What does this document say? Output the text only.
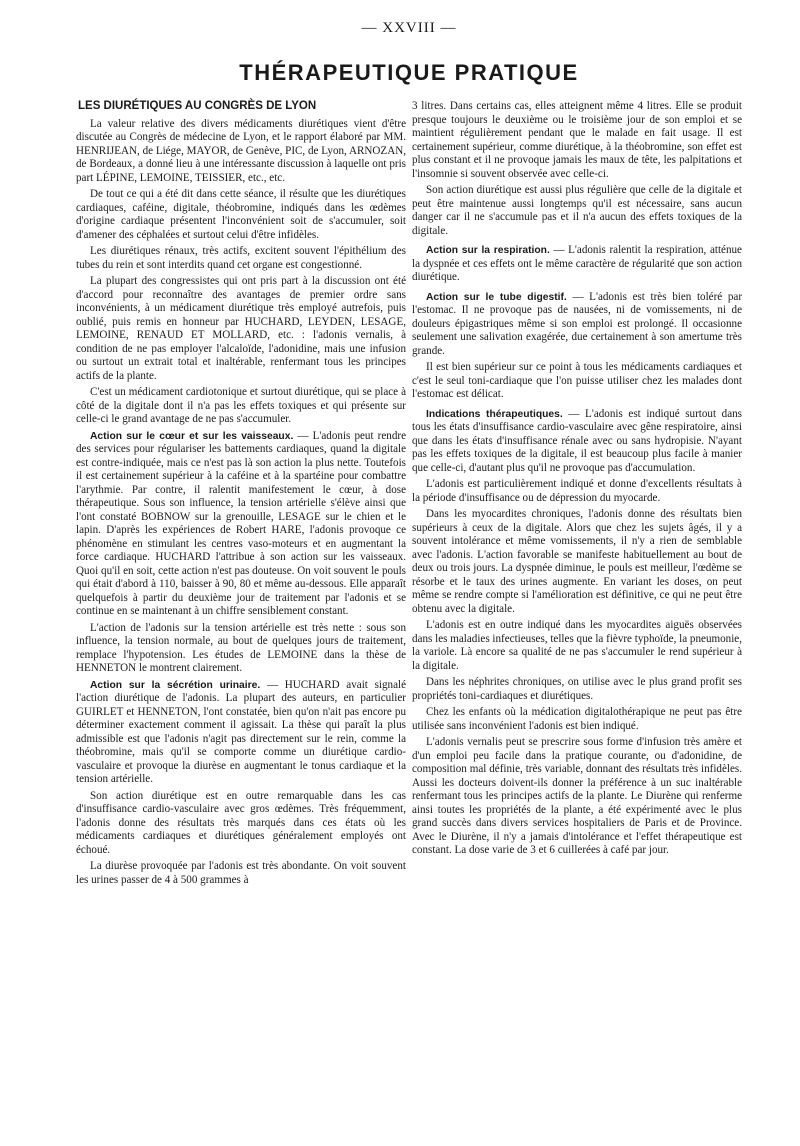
— XXVIII —
THÉRAPEUTIQUE PRATIQUE
LES DIURÉTIQUES AU CONGRÈS DE LYON

La valeur relative des divers médicaments diurétiques vient d'être discutée au Congrès de médecine de Lyon, et le rapport élaboré par MM. HENRIJEAN, de Liége, MAYOR, de Genève, PIC, de Lyon, ARNOZAN, de Bordeaux, a donné lieu à une intéressante discussion à laquelle ont pris part LÉPINE, LEMOINE, TEISSIER, etc., etc.

De tout ce qui a été dit dans cette séance, il résulte que les diurétiques cardiaques, caféine, digitale, théobromine, indiqués dans les œdèmes d'origine cardiaque présentent l'inconvénient soit de s'accumuler, soit d'amener des céphalées et surtout celui d'être infidèles.

Les diurétiques rénaux, très actifs, excitent souvent l'épithélium des tubes du rein et sont interdits quand cet organe est congestionné.

La plupart des congressistes qui ont pris part à la discussion ont été d'accord pour reconnaître des avantages de premier ordre sans inconvénients, à un médicament diurétique très employé autrefois, puis oublié, puis remis en honneur par HUCHARD, LEYDEN, LESAGE, LEMOINE, RENAUD ET MOLLARD, etc. : l'adonis vernalis, à condition de ne pas employer l'alcaloïde, l'adonidine, mais une infusion ou surtout un extrait total et inaltérable, renfermant tous les principes actifs de la plante.

C'est un médicament cardiotonique et surtout diurétique, qui se place à côté de la digitale dont il n'a pas les effets toxiques et qui présente sur celle-ci le grand avantage de ne pas s'accumuler.

Action sur le cœur et sur les vaisseaux. — L'adonis peut rendre des services pour régulariser les battements cardiaques, quand la digitale est contre-indiquée, mais ce n'est pas là son action la plus nette. Toutefois il est certainement supérieur à la caféine et à la spartéine pour combattre l'arythmie. Par contre, il ralentit manifestement le cœur, à dose thérapeutique. Sous son influence, la tension artérielle s'élève ainsi que l'ont constaté BOBNOW sur la grenouille, LESAGE sur le chien et le lapin. D'après les expériences de Robert HARE, l'adonis provoque ce phénomène en stimulant les centres vaso-moteurs et en augmentant la force cardiaque. HUCHARD l'attribue à son action sur les vaisseaux. Quoi qu'il en soit, cette action n'est pas douteuse. On voit souvent le pouls qui était d'abord à 110, baisser à 90, 80 et même au-dessous. Elle apparaît quelquefois à partir du deuxième jour de traitement par l'adonis et se continue en se maintenant à un chiffre sensiblement constant.

L'action de l'adonis sur la tension artérielle est très nette : sous son influence, la tension normale, au bout de quelques jours de traitement, remplace l'hypotension. Les études de LEMOINE dans la thèse de HENNETON le montrent clairement.

Action sur la sécrétion urinaire. — HUCHARD avait signalé l'action diurétique de l'adonis. La plupart des auteurs, en particulier GUIRLET et HENNETON, l'ont constatée, bien qu'on n'ait pas encore pu déterminer exactement comment il agissait. La thèse qui paraît la plus admissible est que l'adonis n'agit pas directement sur le rein, comme la théobromine, mais qu'il se comporte comme un diurétique cardio-vasculaire et provoque la diurèse en augmentant le tonus cardiaque et la tension artérielle.

Son action diurétique est en outre remarquable dans les cas d'insuffisance cardio-vasculaire avec gros œdèmes. Très fréquemment, l'adonis donne des résultats très marqués dans ces états où les médicaments cardiaques et diurétiques généralement employés ont échoué.

La diurèse provoquée par l'adonis est très abondante. On voit souvent les urines passer de 4 à 500 grammes à

3 litres. Dans certains cas, elles atteignent même 4 litres. Elle se produit presque toujours le deuxième ou le troisième jour de son emploi et se maintient régulièrement pendant que le malade en fait usage. Il est certainement supérieur, comme diurétique, à la théobromine, son effet est plus constant et il ne provoque jamais les maux de tête, les palpitations et l'insomnie si souvent observée avec celle-ci.

Son action diurétique est aussi plus régulière que celle de la digitale et peut être maintenue aussi longtemps qu'il est nécessaire, sans aucun danger car il ne s'accumule pas et il n'a aucun des effets toxiques de la digitale.

Action sur la respiration. — L'adonis ralentit la respiration, atténue la dyspnée et ces effets ont le même caractère de régularité que son action diurétique.

Action sur le tube digestif. — L'adonis est très bien toléré par l'estomac. Il ne provoque pas de nausées, ni de vomissements, ni de douleurs épigastriques même si son emploi est prolongé. Il occasionne seulement une salivation exagérée, due certainement à son amertume très grande.

Il est bien supérieur sur ce point à tous les médicaments cardiaques et c'est le seul toni-cardiaque que l'on puisse utiliser chez les malades dont l'estomac est délicat.

Indications thérapeutiques. — L'adonis est indiqué surtout dans tous les états d'insuffisance cardio-vasculaire avec gêne respiratoire, ainsi que dans les états d'insuffisance rénale avec ou sans hydropisie. N'ayant pas les effets toxiques de la digitale, il est beaucoup plus facile à manier que celle-ci, d'autant plus qu'il ne provoque pas d'accumulation.

L'adonis est particulièrement indiqué et donne d'excellents résultats à la période d'insuffisance ou de dépression du myocarde.

Dans les myocardites chroniques, l'adonis donne des résultats bien supérieurs à ceux de la digitale. Alors que chez les sujets âgés, il y a souvent intolérance et même vomissements, il n'y a rien de semblable avec l'adonis. L'action favorable se manifeste habituellement au bout de deux ou trois jours. La dyspnée diminue, le pouls est meilleur, l'œdème se résorbe et le taux des urines augmente. En variant les doses, on peut même se rendre compte si l'amélioration est définitive, ce qui ne peut être obtenu avec la digitale.

L'adonis est en outre indiqué dans les myocardites aiguës observées dans les maladies infectieuses, telles que la fièvre typhoïde, la pneumonie, la variole. Là encore sa qualité de ne pas s'accumuler le rend supérieur à la digitale.

Dans les néphrites chroniques, on utilise avec le plus grand profit ses propriétés toni-cardiaques et diurétiques.

Chez les enfants où la médication digitalothérapique ne peut pas être utilisée sans inconvénient l'adonis est bien indiqué.

L'adonis vernalis peut se prescrire sous forme d'infusion très amère et d'un emploi peu facile dans la pratique courante, ou d'adonidine, de composition mal définie, très variable, donnant des résultats très infidèles. Aussi les docteurs doivent-ils donner la préférence à un suc inaltérable renfermant tous les principes actifs de la plante. Le Diurène qui renferme ainsi toutes les propriétés de la plante, a été expérimenté avec le plus grand succès dans divers services hospitaliers de Paris et de Province. Avec le Diurène, il n'y a jamais d'intolérance et l'effet thérapeutique est constant. La dose varie de 3 et 6 cuillerées à café par jour.
